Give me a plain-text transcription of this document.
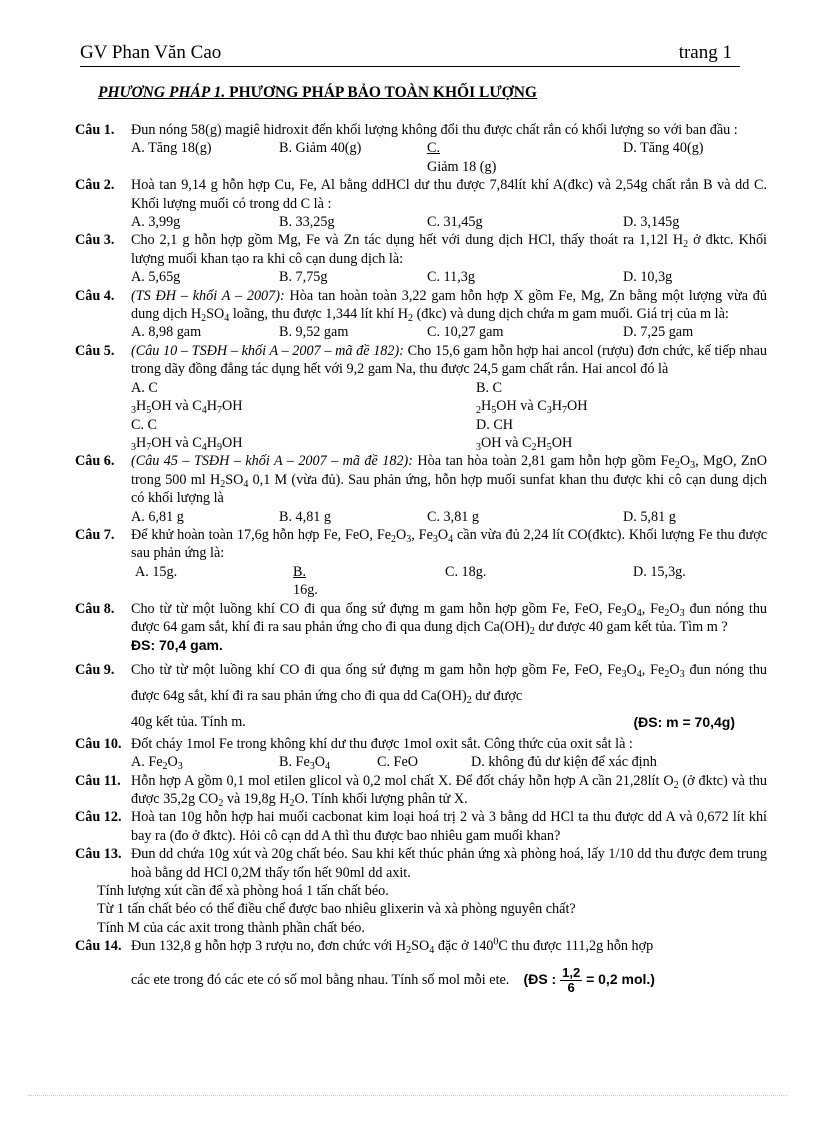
GV Phan Văn Cao	trang 1
PHƯƠNG PHÁP 1. PHƯƠNG PHÁP BẢO TOÀN KHỐI LƯỢNG
Câu 1. Đun nóng 58(g) magiê hidroxit đến khối lượng không đổi thu được chất rắn có khối lượng so với ban đầu :
A. Tăng 18(g)	B. Giảm 40(g)	C.Giảm 18 (g)
D. Tăng 40(g)
Câu 2. Hoà tan 9,14 g hỗn hợp Cu, Fe, Al bằng ddHCl dư thu được 7,84lít khí A(đkc) và 2,54g chất rắn B và dd C. Khối lượng muối có trong dd C là :
A. 3,99g	B. 33,25g	C. 31,45g	D. 3,145g
Câu 3. Cho 2,1 g hỗn hợp gồm Mg, Fe và Zn tác dụng hết với dung dịch HCl, thấy thoát ra 1,12l $H_2$ ở đktc. Khối lượng muối khan tạo ra khi cô cạn dung dịch là:
A. 5,65g	B. 7,75g	C. 11,3g	D. 10,3g
Câu 4. (TS ĐH – khối A – 2007): Hòa tan hoàn toàn 3,22 gam hỗn hợp X gồm Fe, Mg, Zn bằng một lượng vừa đủ dung dịch $H_2SO_4$ loãng, thu được 1,344 lít khí $H_2$ (đkc) và dung dịch chứa m gam muối. Giá trị của m là:
A. 8,98 gam	B. 9,52 gam	C. 10,27 gam	D. 7,25 gam
Câu 5. (Câu 10 – TSĐH – khối A – 2007 – mã đề 182): Cho 15,6 gam hỗn hợp hai ancol (rượu) đơn chức, kế tiếp nhau trong dãy đồng đẳng tác dụng hết với 9,2 gam Na, thu được 24,5 gam chất rắn. Hai ancol đó là
A. $C_3H_5OH$ và $C_4H_7OH$
B. $C_2H_5OH$ và $C_3H_7OH$
C. $C_3H_7OH$ và $C_4H_9OH$
D. $CH_3OH$ và $C_2H_5OH$
Câu 6. (Câu 45 – TSĐH – khối A – 2007 – mã đề 182): Hòa tan hòa toàn 2,81 gam hỗn hợp gồm $Fe_2O_3$, MgO, ZnO trong 500 ml $H_2SO_4$ 0,1 M (vừa đủ). Sau phản ứng, hỗn hợp muối sunfat khan thu được khi cô cạn dung dịch có khối lượng là
A. 6,81 g	B. 4,81 g	C. 3,81 g	D. 5,81 g
Câu 7. Để khử hoàn toàn 17,6g hỗn hợp Fe, FeO, $Fe_2O_3$, $Fe_3O_4$ cần vừa đủ 2,24 lít CO(đktc). Khối lượng Fe thu được sau phản ứng là:
A. 15g.	B.16g.
C. 18g.	D. 15,3g.
Câu 8. Cho từ từ một luồng khí CO đi qua ống sứ đựng m gam hỗn hợp gồm Fe, FeO, $Fe_3O_4$, $Fe_2O_3$ đun nóng thu được 64 gam sắt, khí đi ra sau phản ứng cho đi qua dung dịch $Ca(OH)_2$ dư được 40 gam kết tủa. Tìm m ?
ĐS: 70,4 gam.
Câu 9. Cho từ từ một luồng khí CO đi qua ống sứ đựng m gam hỗn hợp gồm Fe, FeO, $Fe_3O_4$, $Fe_2O_3$ đun nóng thu được 64g sắt, khí đi ra sau phản ứng cho đi qua dd $Ca(OH)_2$ dư được
40g kết tủa. Tính m.	(ĐS: m = 70,4g)
Câu 10. Đốt cháy 1mol Fe trong không khí dư thu được 1mol oxit sắt. Công thức của oxit sắt là :
A. $Fe_2O_3$	B. $Fe_3O_4$	C. FeO	D. không đủ dư kiện để xác định
Câu 11. Hỗn hợp A gồm 0,1 mol etilen glicol và 0,2 mol chất X. Để đốt cháy hỗn hợp A cần 21,28lít $O_2$ (ở đktc) và thu được 35,2g $CO_2$ và 19,8g $H_2O$. Tính khối lượng phân tử X.
Câu 12. Hoà tan 10g hỗn hợp hai muối cacbonat kim loại hoá trị 2 và 3 bằng dd HCl ta thu được dd A và 0,672 lít khí bay ra (đo ở đktc). Hỏi cô cạn dd A thì thu được bao nhiêu gam muối khan?
Câu 13. Đun dd chứa 10g xút và 20g chất béo. Sau khi kết thúc phản ứng xà phòng hoá, lấy 1/10 dd thu được đem trung hoà bằng dd HCl 0,2M thấy tốn hết 90ml dd axit.
Tính lượng xút cần để xà phòng hoá 1 tấn chất béo.
Từ 1 tấn chất béo có thể điều chế được bao nhiêu glixerin và xà phòng nguyên chất?
Tính M của các axit trong thành phần chất béo.
Câu 14. Đun 132,8 g hỗn hợp 3 rượu no, đơn chức với $H_2SO_4$ đặc ở $140^0C$ thu được 111,2g hỗn hợp
các ete trong đó các ete có số mol bằng nhau. Tính số mol mỗi ete. (ĐS : $\frac{1,2}{6} = 0,2$ mol.)
